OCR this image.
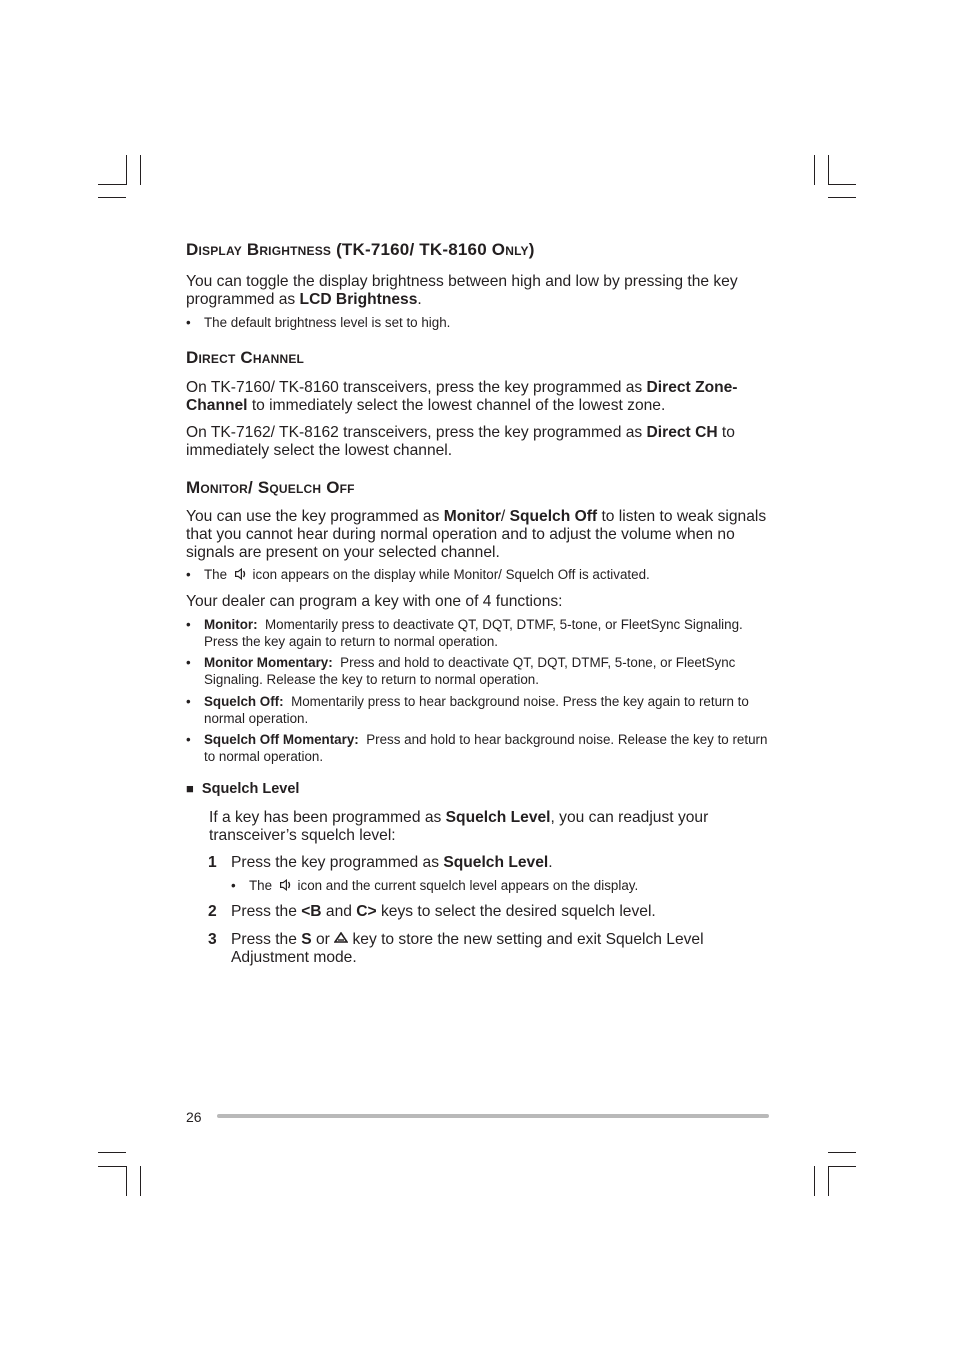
Display Brightness (TK-7160/ TK-8160 Only)

You can toggle the display brightness between high and low by pressing the key programmed as LCD Brightness.

• The default brightness level is set to high.
Direct Channel

On TK-7160/ TK-8160 transceivers, press the key programmed as Direct Zone-Channel to immediately select the lowest channel of the lowest zone.

On TK-7162/ TK-8162 transceivers, press the key programmed as Direct CH to immediately select the lowest channel.

Monitor/ Squelch Off

You can use the key programmed as Monitor/ Squelch Off to listen to weak signals that you cannot hear during normal operation and to adjust the volume when no signals are present on your selected channel.

• The  icon appears on the display while Monitor/ Squelch Off is activated.

Your dealer can program a key with one of 4 functions:

• Monitor: Momentarily press to deactivate QT, DQT, DTMF, 5-tone, or FleetSync Signaling. Press the key again to return to normal operation.
• Monitor Momentary: Press and hold to deactivate QT, DQT, DTMF, 5-tone, or FleetSync Signaling. Release the key to return to normal operation.
• Squelch Off: Momentarily press to hear background noise. Press the key again to return to normal operation.
• Squelch Off Momentary: Press and hold to hear background noise. Release the key to return to normal operation.
■ Squelch Level

If a key has been programmed as Squelch Level, you can readjust your transceiver’s squelch level:

1 Press the key programmed as Squelch Level.
• The  icon and the current squelch level appears on the display.
2 Press the <B and C> keys to select the desired squelch level.
3 Press the S or  key to store the new setting and exit Squelch Level Adjustment mode.
26
